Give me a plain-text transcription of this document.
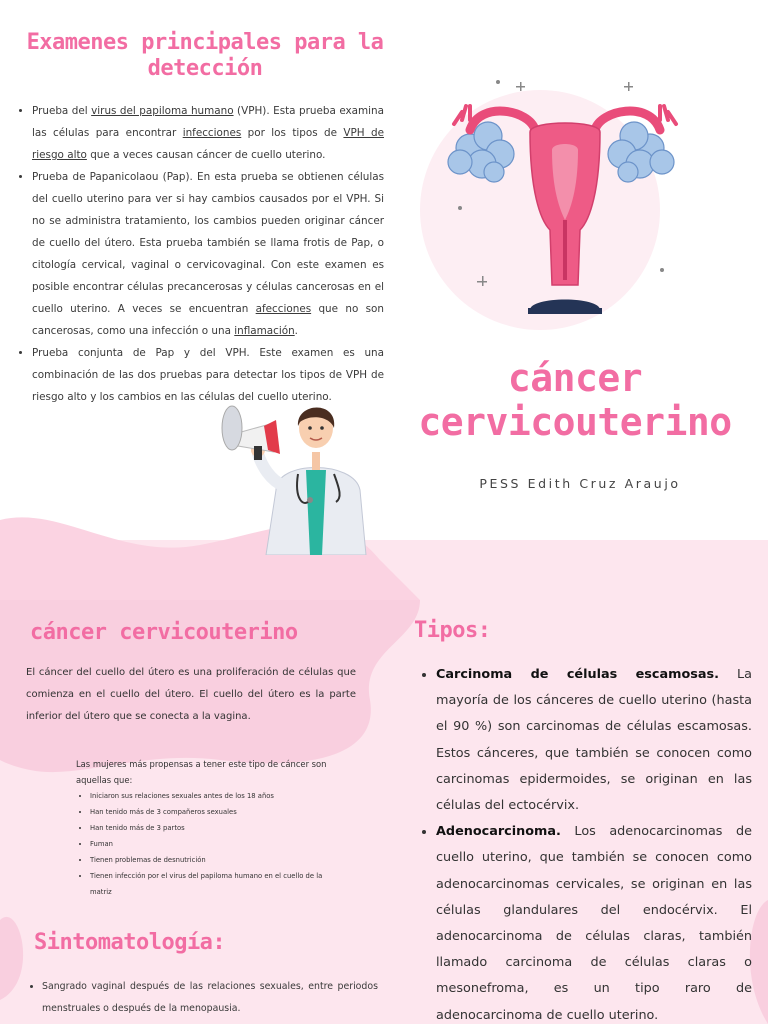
Examenes principales para la detección
• Prueba del virus del papiloma humano (VPH). Esta prueba examina las células para encontrar infecciones por los tipos de VPH de riesgo alto que a veces causan cáncer de cuello uterino.
• Prueba de Papanicolaou (Pap). En esta prueba se obtienen células del cuello uterino para ver si hay cambios causados por el VPH. Si no se administra tratamiento, los cambios pueden originar cáncer de cuello del útero. Esta prueba también se llama frotis de Pap, o citología cervical, vaginal o cervicovaginal. Con este examen es posible encontrar células precancerosas y células cancerosas en el cuello uterino. A veces se encuentran afecciones que no son cancerosas, como una infección o una inflamación.
• Prueba conjunta de Pap y del VPH. Este examen es una combinación de las dos pruebas para detectar los tipos de VPH de riesgo alto y los cambios en las células del cuello uterino.	cáncer
cervicouterino
PESS Edith Cruz Araujo
cáncer cervicouterino
El cáncer del cuello del útero es una proliferación de células que comienza en el cuello del útero. El cuello del útero es la parte inferior del útero que se conecta a la vagina.
Las mujeres más propensas a tener este tipo de cáncer son aquellas que:
• Iniciaron sus relaciones sexuales antes de los 18 años
• Han tenido más de 3 compañeros sexuales
• Han tenido más de 3 partos
• Fuman
• Tienen problemas de desnutrición
• Tienen infección por el virus del papiloma humano en el cuello de la matriz
Sintomatología:
• Sangrado vaginal después de las relaciones sexuales, entre periodos menstruales o después de la menopausia.
Tipos:
• Carcinoma de células escamosas. La mayoría de los cánceres de cuello uterino (hasta el 90 %) son carcinomas de células escamosas. Estos cánceres, que también se conocen como carcinomas epidermoides, se originan en las células del ectocérvix.
• Adenocarcinoma. Los adenocarcinomas de cuello uterino, que también se conocen como adenocarcinomas cervicales, se originan en las células glandulares del endocérvix. El adenocarcinoma de células claras, también llamado carcinoma de células claras o mesonefroma, es un tipo raro de adenocarcinoma de cuello uterino.
